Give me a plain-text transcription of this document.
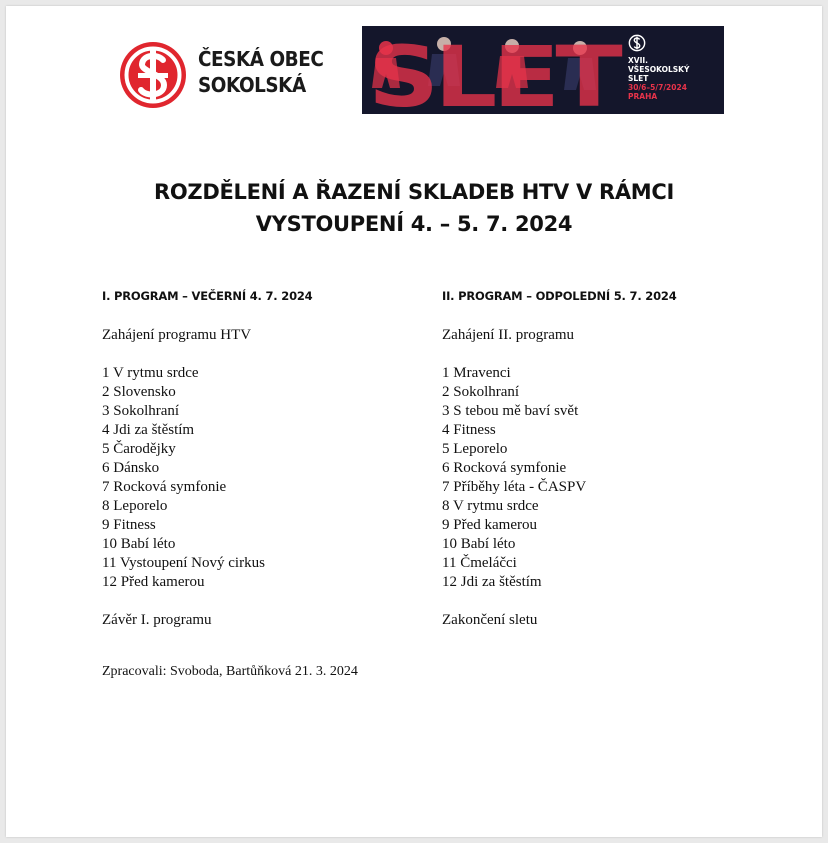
ČESKÁ OBEC
SOKOLSKÁ SLET XVII.
VŠESOKOLSKÝ
SLET
30/6–5/7/2024
PRAHA
ROZDĚLENÍ A ŘAZENÍ SKLADEB HTV V RÁMCI
VYSTOUPENÍ 4. – 5. 7. 2024
I. PROGRAM – VEČERNÍ 4. 7. 2024
Zahájení programu HTV
1 V rytmu srdce
2 Slovensko
3 Sokolhraní
4 Jdi za štěstím
5 Čarodějky
6 Dánsko
7 Rocková symfonie
8 Leporelo
9 Fitness
10 Babí léto
11 Vystoupení Nový cirkus
12 Před kamerou
Závěr I. programu
II. PROGRAM – ODPOLEDNÍ 5. 7. 2024
Zahájení II. programu
1 Mravenci
2 Sokolhraní
3 S tebou mě baví svět
4 Fitness
5 Leporelo
6 Rocková symfonie
7 Příběhy léta - ČASPV
8 V rytmu srdce
9 Před kamerou
10 Babí léto
11 Čmeláčci
12 Jdi za štěstím
Zakončení sletu
Zpracovali: Svoboda, Bartůňková 21. 3. 2024
